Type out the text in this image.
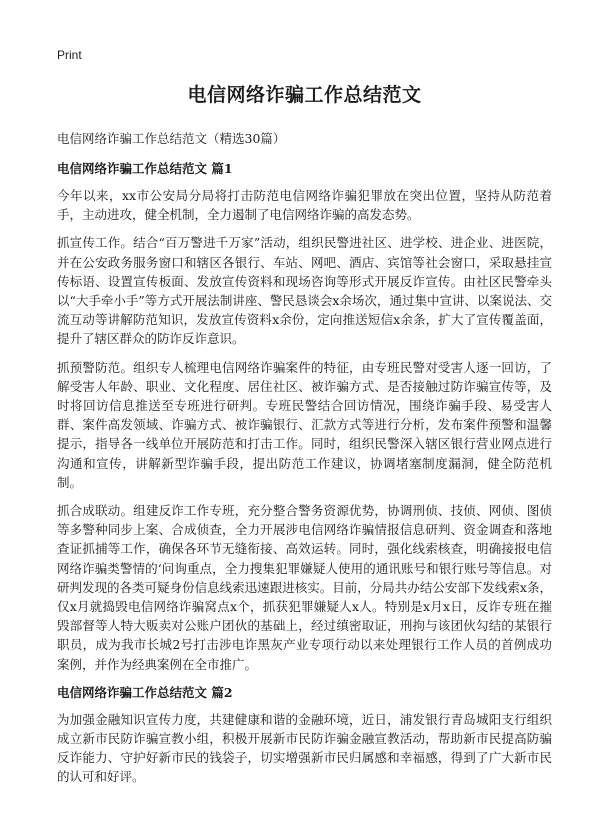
Print
电信网络诈骗工作总结范文

电信网络诈骗工作总结范文（精选30篇）

电信网络诈骗工作总结范文 篇1

今年以来，xx市公安局分局将打击防范电信网络诈骗犯罪放在突出位置，坚持从防范着手，主动进攻，健全机制，全力遏制了电信网络诈骗的高发态势。

抓宣传工作。结合“百万警进千万家”活动，组织民警进社区、进学校、进企业、进医院，并在公安政务服务窗口和辖区各银行、车站、网吧、酒店、宾馆等社会窗口，采取悬挂宣传标语、设置宣传板面、发放宣传资料和现场咨询等形式开展反诈宣传。由社区民警牵头以“大手牵小手”等方式开展法制讲座、警民恳谈会x余场次，通过集中宣讲、以案说法、交流互动等讲解防范知识，发放宣传资料x余份，定向推送短信x余条，扩大了宣传覆盖面，提升了辖区群众的防诈反诈意识。

抓预警防范。组织专人梳理电信网络诈骗案件的特征，由专班民警对受害人逐一回访，了解受害人年龄、职业、文化程度、居住社区、被诈骗方式、是否接触过防诈骗宣传等，及时将回访信息推送至专班进行研判。专班民警结合回访情况，围绕诈骗手段、易受害人群、案件高发领域、诈骗方式、被诈骗银行、汇款方式等进行分析，发布案件预警和温馨提示，指导各一线单位开展防范和打击工作。同时，组织民警深入辖区银行营业网点进行沟通和宣传，讲解新型诈骗手段，提出防范工作建议，协调堵塞制度漏洞，健全防范机制。

抓合成联动。组建反诈工作专班，充分整合警务资源优势，协调刑侦、技侦、网侦、图侦等多警种同步上案、合成侦查，全力开展涉电信网络诈骗情报信息研判、资金调查和落地查证抓捕等工作，确保各环节无缝衔接、高效运转。同时，强化线索核查，明确接报电信网络诈骗类警情的‘问询重点，全力搜集犯罪嫌疑人使用的通讯账号和银行账号等信息。对研判发现的各类可疑身份信息线索迅速跟进核实。目前，分局共办结公安部下发线索x条，仅x月就捣毁电信网络诈骗窝点x个，抓获犯罪嫌疑人x人。特别是x月x日，反诈专班在摧毁部督等人特大贩卖对公账户团伙的基础上，经过缜密取证，刑拘与该团伙勾结的某银行职员，成为我市长城2号打击涉电诈黑灰产业专项行动以来处理银行工作人员的首例成功案例，并作为经典案例在全市推广。

电信网络诈骗工作总结范文 篇2

为加强金融知识宣传力度，共建健康和谐的金融环境，近日，浦发银行青岛城阳支行组织成立新市民防诈骗宣教小组，积极开展新市民防诈骗金融宣教活动，帮助新市民提高防骗反诈能力、守护好新市民的钱袋子，切实增强新市民归属感和幸福感，得到了广大新市民的认可和好评。
